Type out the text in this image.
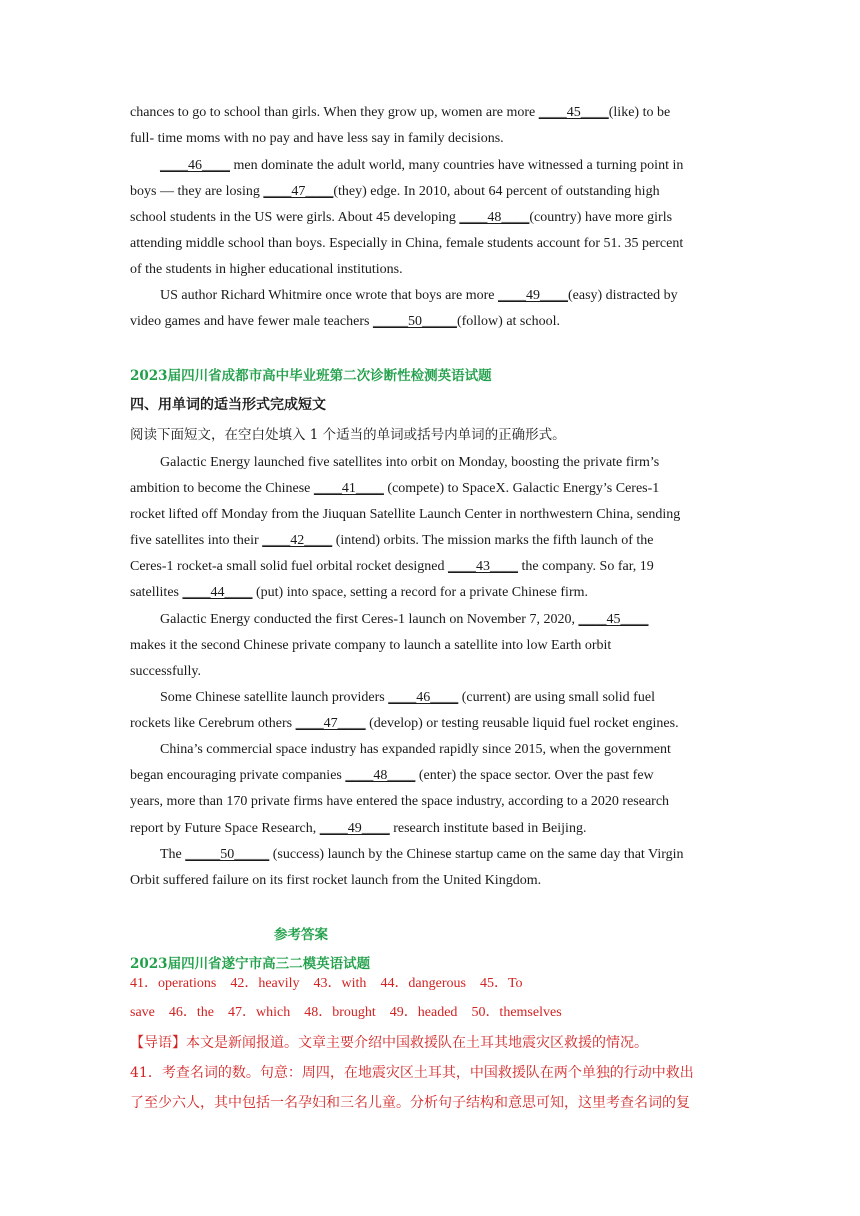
chances to go to school than girls. When they grow up, women are more ____45____(like) to be
full- time moms with no pay and have less say in family decisions.
____46____ men dominate the adult world, many countries have witnessed a turning point in
boys — they are losing ____47____(they) edge. In 2010, about 64 percent of outstanding high
school students in the US were girls. About 45 developing ____48____(country) have more girls
attending middle school than boys. Especially in China, female students account for 51. 35 percent
of the students in higher educational institutions.
US author Richard Whitmire once wrote that boys are more ____49____(easy) distracted by
video games and have fewer male teachers _____50_____(follow) at school.
2023届四川省成都市高中毕业班第二次诊断性检测英语试题
四、用单词的适当形式完成短文
阅读下面短文，在空白处填入 1 个适当的单词或括号内单词的正确形式。
Galactic Energy launched five satellites into orbit on Monday, boosting the private firm’s
ambition to become the Chinese ____41____ (compete) to SpaceX. Galactic Energy’s Ceres-1
rocket lifted off Monday from the Jiuquan Satellite Launch Center in northwestern China, sending
five satellites into their ____42____ (intend) orbits. The mission marks the fifth launch of the
Ceres-1 rocket-a small solid fuel orbital rocket designed ____43____ the company. So far, 19
satellites ____44____ (put) into space, setting a record for a private Chinese firm.
Galactic Energy conducted the first Ceres-1 launch on November 7, 2020, ____45____
makes it the second Chinese private company to launch a satellite into low Earth orbit
successfully.
Some Chinese satellite launch providers ____46____ (current) are using small solid fuel
rockets like Cerebrum others ____47____ (develop) or testing reusable liquid fuel rocket engines.
China’s commercial space industry has expanded rapidly since 2015, when the government
began encouraging private companies ____48____ (enter) the space sector. Over the past few
years, more than 170 private firms have entered the space industry, according to a 2020 research
report by Future Space Research, ____49____ research institute based in Beijing.
The _____50_____ (success) launch by the Chinese startup came on the same day that Virgin
Orbit suffered failure on its first rocket launch from the United Kingdom.
参考答案
2023届四川省遂宁市高三二模英语试题
41．operations 42．heavily 43．with 44．dangerous 45．To
save 46．the 47．which 48．brought 49．headed 50．themselves
【导语】本文是新闻报道。文章主要介绍中国救援队在土耳其地震灾区救援的情况。
41．考查名词的数。句意：周四，在地震灾区土耳其，中国救援队在两个单独的行动中救出
了至少六人，其中包括一名孕妇和三名儿童。分析句子结构和意思可知，这里考查名词的复
